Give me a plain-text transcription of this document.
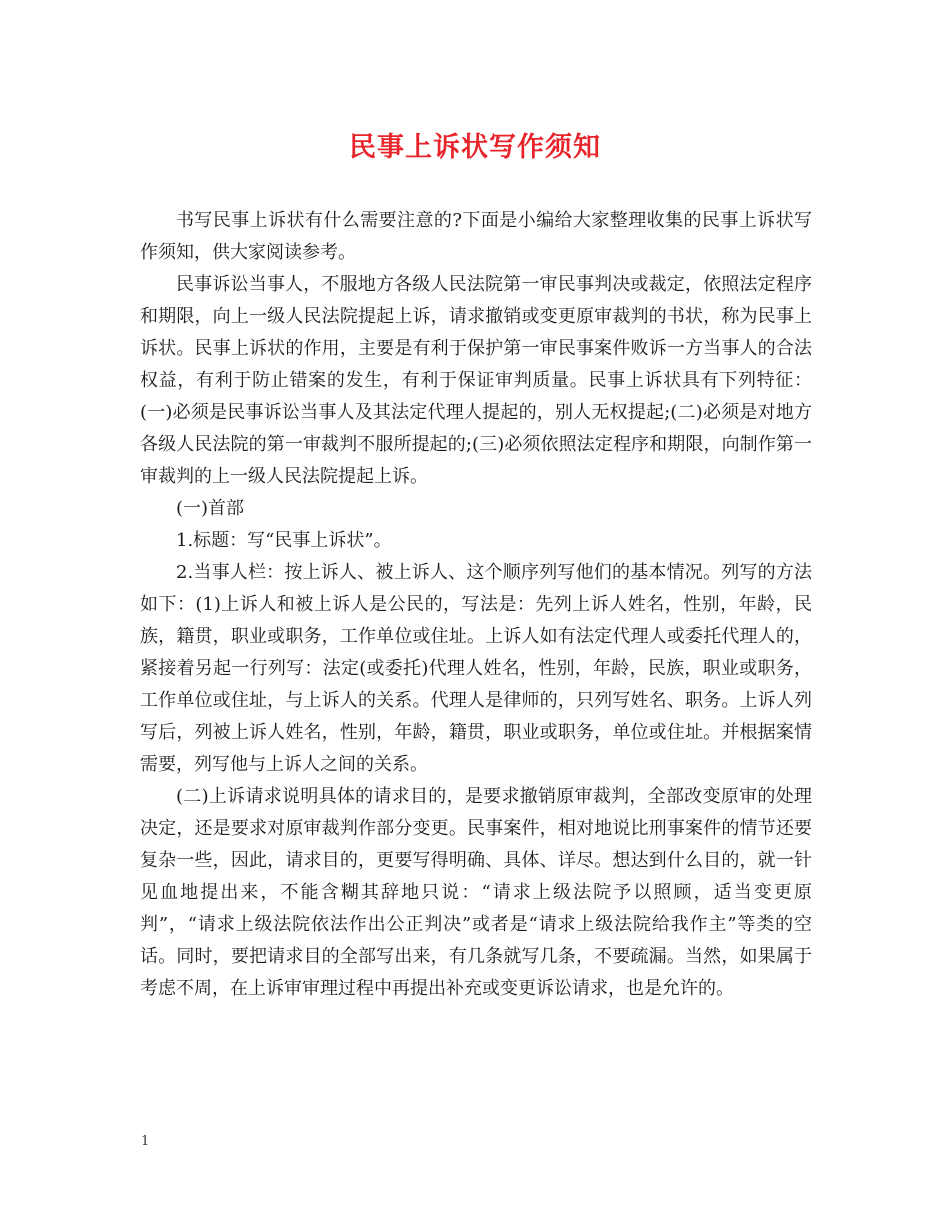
民事上诉状写作须知

书写民事上诉状有什么需要注意的?下面是小编给大家整理收集的民事上诉状写作须知，供大家阅读参考。

民事诉讼当事人，不服地方各级人民法院第一审民事判决或裁定，依照法定程序和期限，向上一级人民法院提起上诉，请求撤销或变更原审裁判的书状，称为民事上诉状。民事上诉状的作用，主要是有利于保护第一审民事案件败诉一方当事人的合法权益，有利于防止错案的发生，有利于保证审判质量。民事上诉状具有下列特征：(一)必须是民事诉讼当事人及其法定代理人提起的，别人无权提起;(二)必须是对地方各级人民法院的第一审裁判不服所提起的;(三)必须依照法定程序和期限，向制作第一审裁判的上一级人民法院提起上诉。

(一)首部

1.标题：写“民事上诉状”。

2.当事人栏：按上诉人、被上诉人、这个顺序列写他们的基本情况。列写的方法如下：(1)上诉人和被上诉人是公民的，写法是：先列上诉人姓名，性别，年龄，民族，籍贯，职业或职务，工作单位或住址。上诉人如有法定代理人或委托代理人的，紧接着另起一行列写：法定(或委托)代理人姓名，性别，年龄，民族，职业或职务，工作单位或住址，与上诉人的关系。代理人是律师的，只列写姓名、职务。上诉人列写后，列被上诉人姓名，性别，年龄，籍贯，职业或职务，单位或住址。并根据案情需要，列写他与上诉人之间的关系。

(二)上诉请求说明具体的请求目的，是要求撤销原审裁判，全部改变原审的处理决定，还是要求对原审裁判作部分变更。民事案件，相对地说比刑事案件的情节还要复杂一些，因此，请求目的，更要写得明确、具体、详尽。想达到什么目的，就一针见血地提出来，不能含糊其辞地只说：“请求上级法院予以照顾，适当变更原判”，“请求上级法院依法作出公正判决”或者是“请求上级法院给我作主”等类的空话。同时，要把请求目的全部写出来，有几条就写几条，不要疏漏。当然，如果属于考虑不周，在上诉审审理过程中再提出补充或变更诉讼请求，也是允许的。

1
